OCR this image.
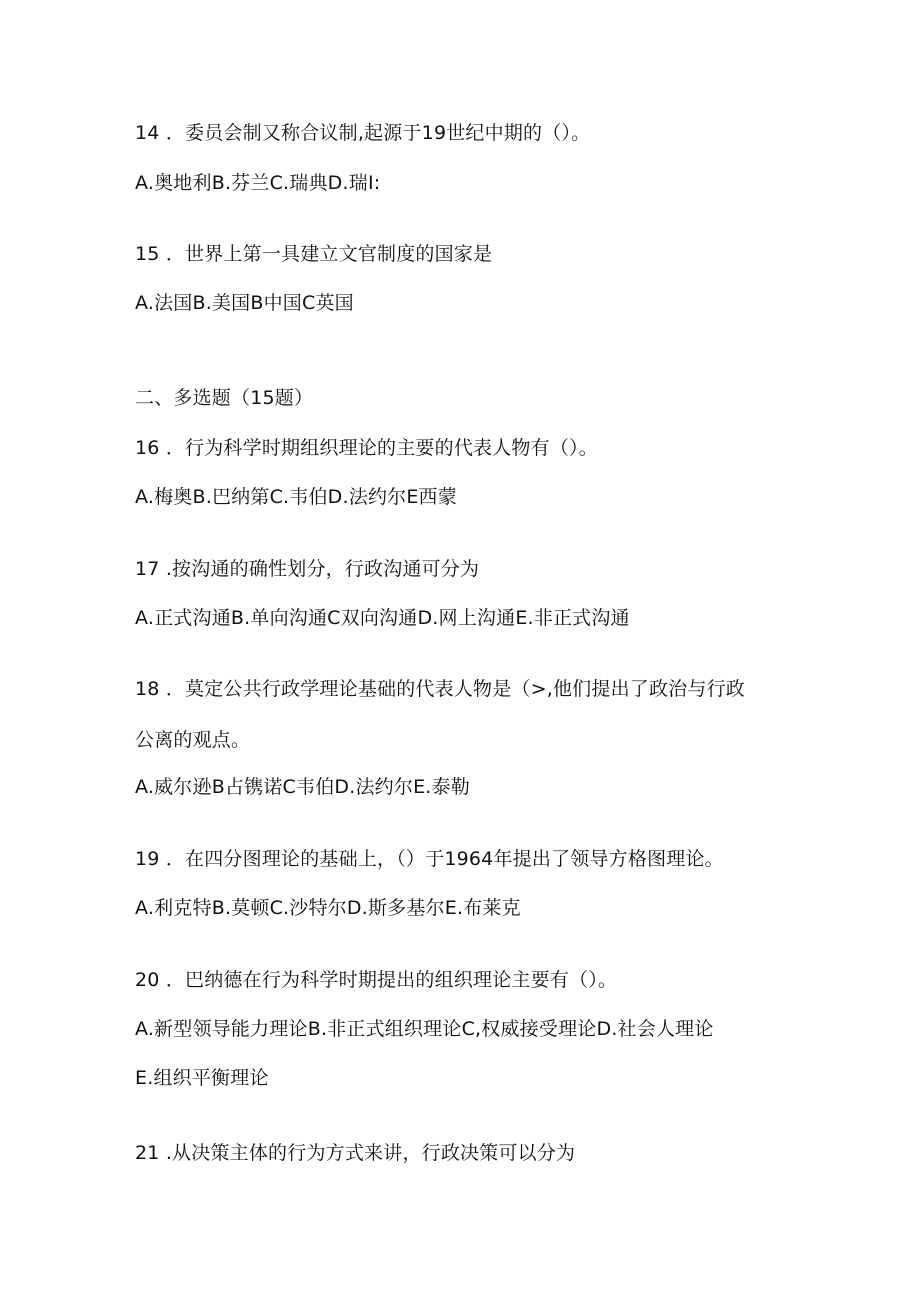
14 ．委员会制又称合议制,起源于19世纪中期的（）。
A.奥地利B.芬兰C.瑞典D.瑞I:
15 ．世界上第一具建立文官制度的国家是
A.法国B.美国B中国C英国
二、多选题（15题）
16 ．行为科学时期组织理论的主要的代表人物有（）。
A.梅奥B.巴纳第C.韦伯D.法约尔E西蒙
17 .按沟通的确性划分，行政沟通可分为
A.正式沟通B.单向沟通C双向沟通D.网上沟通E.非正式沟通
18 ．莫定公共行政学理论基础的代表人物是（>,他们提出了政治与行政
公离的观点。
A.威尔逊B占镌诺C韦伯D.法约尔E.泰勒
19 ．在四分图理论的基础上，（）于1964年提出了领导方格图理论。
A.利克特B.莫顿C.沙特尔D.斯多基尔E.布莱克
20 ．巴纳德在行为科学时期提出的组织理论主要有（）。
A.新型领导能力理论B.非正式组织理论C,权威接受理论D.社会人理论
E.组织平衡理论
21 .从决策主体的行为方式来讲，行政决策可以分为
